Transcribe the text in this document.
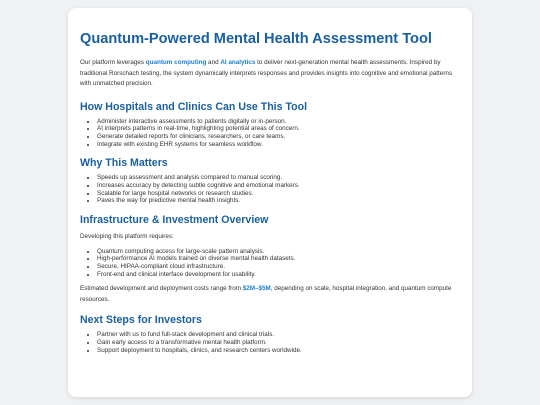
Quantum-Powered Mental Health Assessment Tool

Our platform leverages quantum computing and AI analytics to deliver next-generation mental health assessments. Inspired by traditional Rorschach testing, the system dynamically interprets responses and provides insights into cognitive and emotional patterns with unmatched precision.

How Hospitals and Clinics Can Use This Tool
• Administer interactive assessments to patients digitally or in-person.
• AI interprets patterns in real-time, highlighting potential areas of concern.
• Generate detailed reports for clinicians, researchers, or care teams.
• Integrate with existing EHR systems for seamless workflow.
Why This Matters
• Speeds up assessment and analysis compared to manual scoring.
• Increases accuracy by detecting subtle cognitive and emotional markers.
• Scalable for large hospital networks or research studies.
• Paves the way for predictive mental health insights.
Infrastructure & Investment Overview

Developing this platform requires:

• Quantum computing access for large-scale pattern analysis.
• High-performance AI models trained on diverse mental health datasets.
• Secure, HIPAA-compliant cloud infrastructure.
• Front-end and clinical interface development for usability.

Estimated development and deployment costs range from $2M–$5M, depending on scale, hospital integration, and quantum compute resources.

Next Steps for Investors
• Partner with us to fund full-stack development and clinical trials.
• Gain early access to a transformative mental health platform.
• Support deployment to hospitals, clinics, and research centers worldwide.
